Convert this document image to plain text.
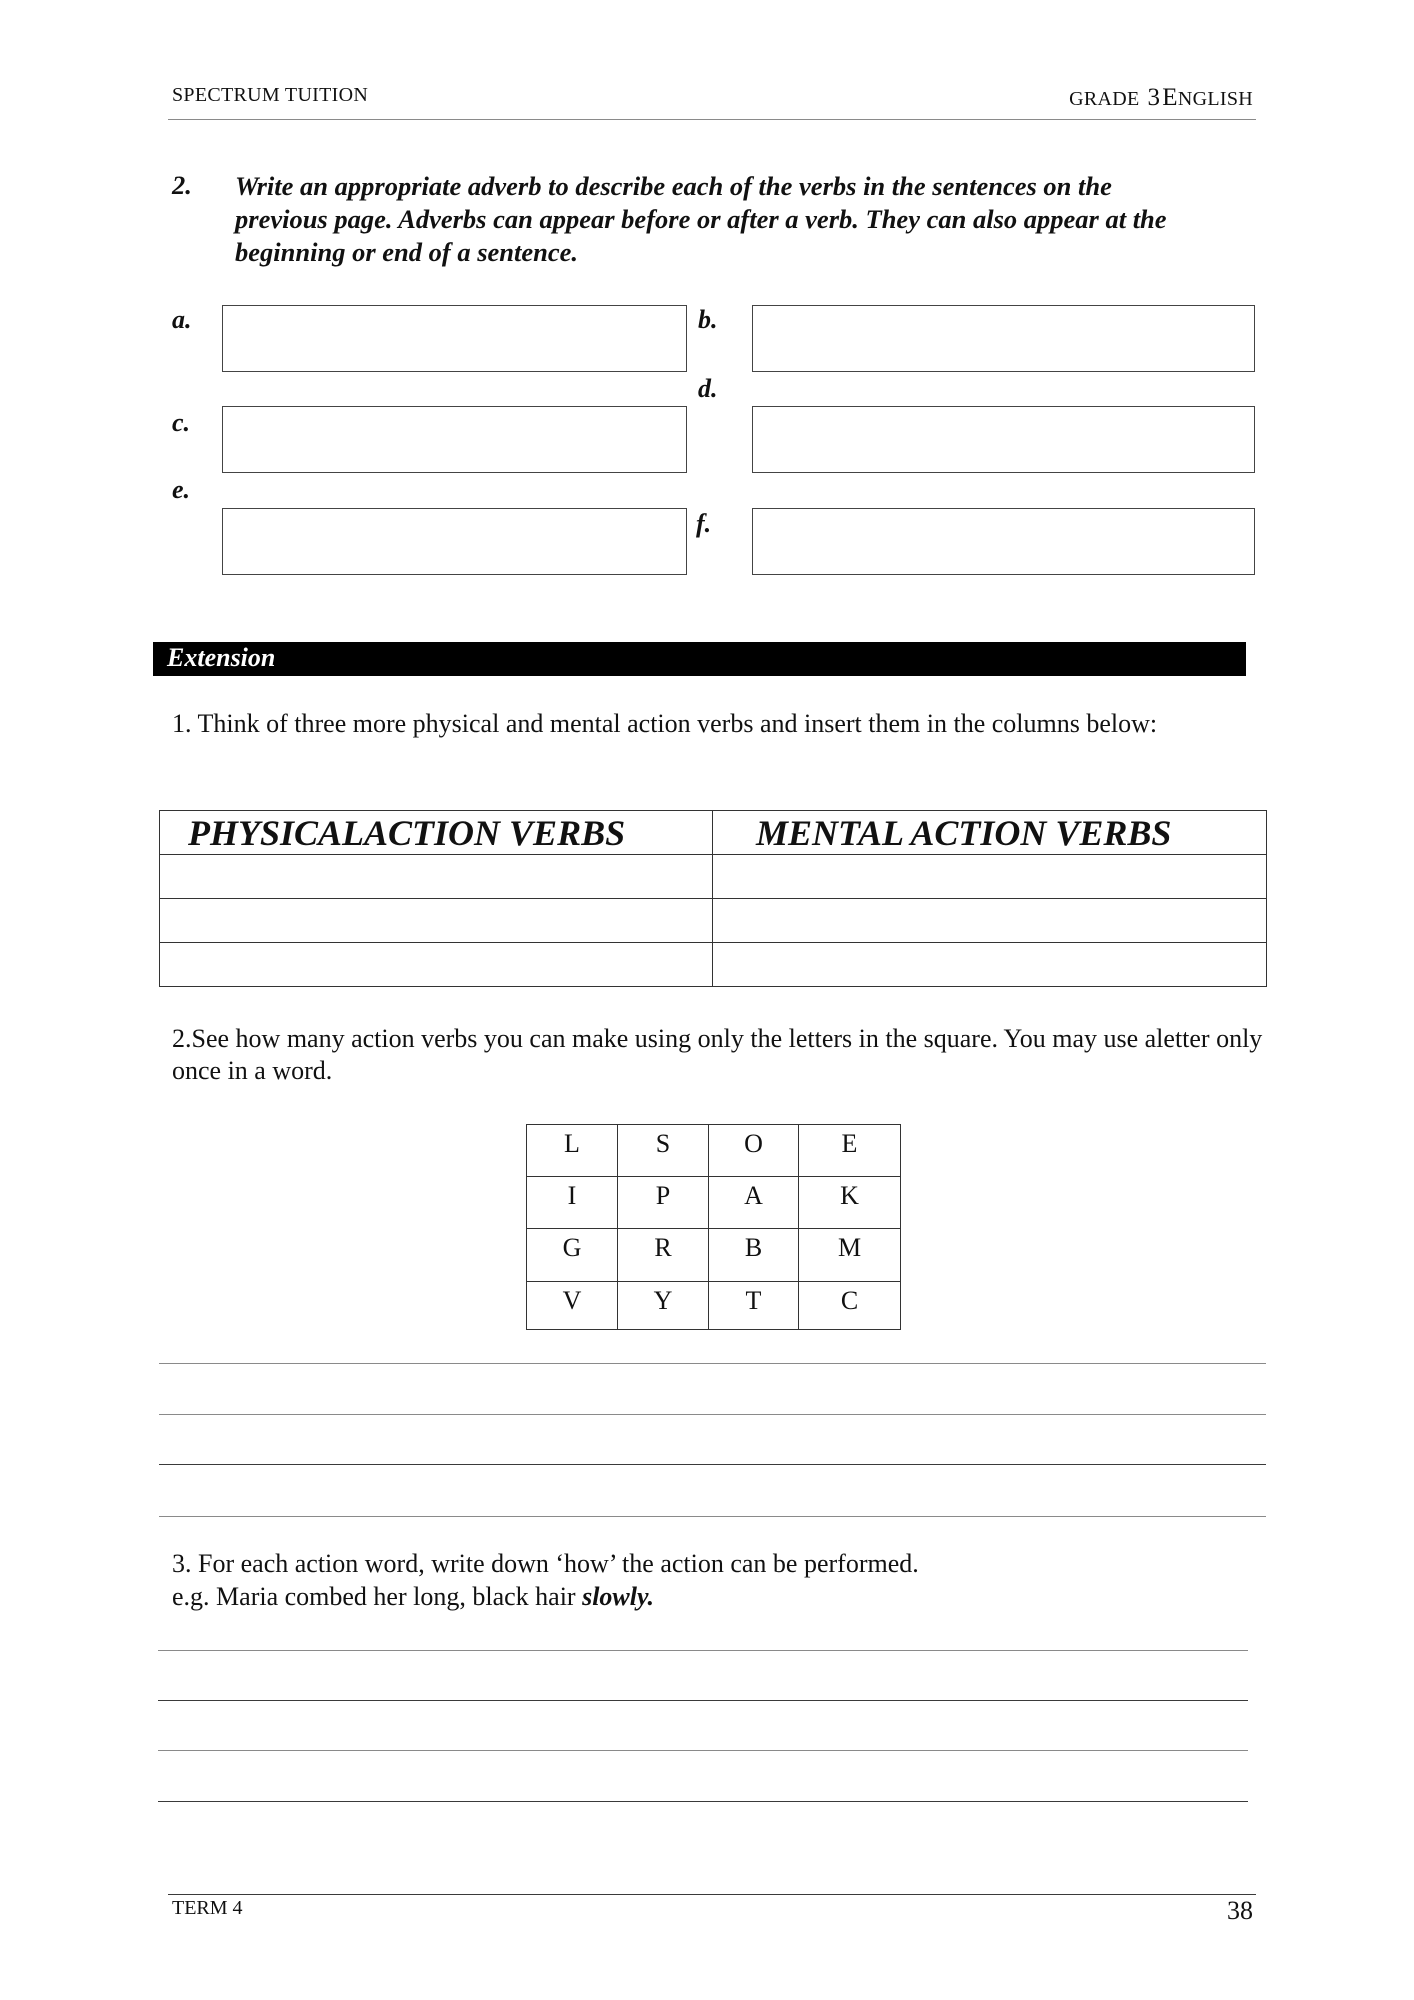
SPECTRUM TUITION	GRADE 3 ENGLISH
2. Write an appropriate adverb to describe each of the verbs in the sentences on the previous page. Adverbs can appear before or after a verb. They can also appear at the beginning or end of a sentence.
a.	b.
d.
c.
e.
f.
Extension
1. Think of three more physical and mental action verbs and insert them in the columns below:
PHYSICALACTION VERBS	MENTAL ACTION VERBS

2.See how many action verbs you can make using only the letters in the square. You may use aletter only once in a word.
L	S	O	E
I	P	A	K
G	R	B	M
V	Y	T	C
3. For each action word, write down ‘how’ the action can be performed.
e.g. Maria combed her long, black hair slowly.
TERM 4	38
